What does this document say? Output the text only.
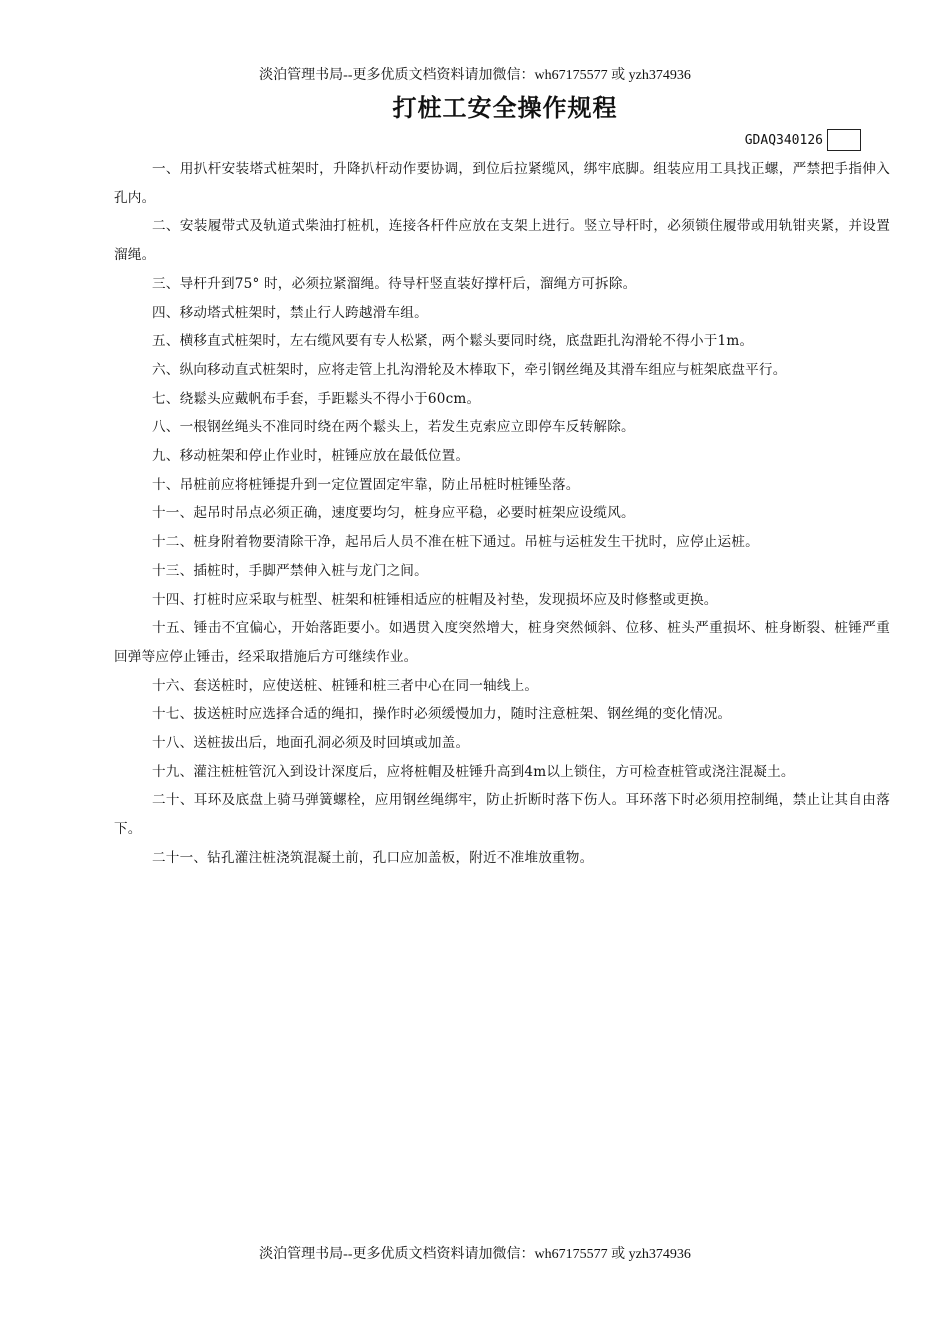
淡泊管理书局--更多优质文档资料请加微信：wh67175577 或 yzh374936
打桩工安全操作规程
GDAQ340126

一、用扒杆安装塔式桩架时，升降扒杆动作要协调，到位后拉紧缆风，绑牢底脚。组装应用工具找正螺，严禁把手指伸入孔内。

二、安装履带式及轨道式柴油打桩机，连接各杆件应放在支架上进行。竖立导杆时，必须锁住履带或用轨钳夹紧，并设置溜绳。

三、导杆升到75° 时，必须拉紧溜绳。待导杆竖直装好撑杆后，溜绳方可拆除。

四、移动塔式桩架时，禁止行人跨越滑车组。

五、横移直式桩架时，左右缆风要有专人松紧，两个鬆头要同时绕，底盘距扎沟滑轮不得小于1m。

六、纵向移动直式桩架时，应将走管上扎沟滑轮及木棒取下，牵引钢丝绳及其滑车组应与桩架底盘平行。

七、绕鬆头应戴帆布手套，手距鬆头不得小于60cm。

八、一根钢丝绳头不准同时绕在两个鬆头上，若发生克索应立即停车反转解除。

九、移动桩架和停止作业时，桩锤应放在最低位置。

十、吊桩前应将桩锤提升到一定位置固定牢靠，防止吊桩时桩锤坠落。

十一、起吊时吊点必须正确，速度要均匀，桩身应平稳，必要时桩架应设缆风。

十二、桩身附着物要清除干净，起吊后人员不准在桩下通过。吊桩与运桩发生干扰时，应停止运桩。

十三、插桩时，手脚严禁伸入桩与龙门之间。

十四、打桩时应采取与桩型、桩架和桩锤相适应的桩帽及衬垫，发现损坏应及时修整或更换。

十五、锤击不宜偏心，开始落距要小。如遇贯入度突然增大，桩身突然倾斜、位移、桩头严重损坏、桩身断裂、桩锤严重回弹等应停止锤击，经采取措施后方可继续作业。

十六、套送桩时，应使送桩、桩锤和桩三者中心在同一轴线上。

十七、拔送桩时应选择合适的绳扣，操作时必须缓慢加力，随时注意桩架、钢丝绳的变化情况。

十八、送桩拔出后，地面孔洞必须及时回填或加盖。

十九、灌注桩桩管沉入到设计深度后，应将桩帽及桩锤升高到4m以上锁住，方可检查桩管或浇注混凝土。

二十、耳环及底盘上骑马弹簧螺栓，应用钢丝绳绑牢，防止折断时落下伤人。耳环落下时必须用控制绳，禁止让其自由落下。

二十一、钻孔灌注桩浇筑混凝土前，孔口应加盖板，附近不准堆放重物。

淡泊管理书局--更多优质文档资料请加微信：wh67175577 或 yzh374936
